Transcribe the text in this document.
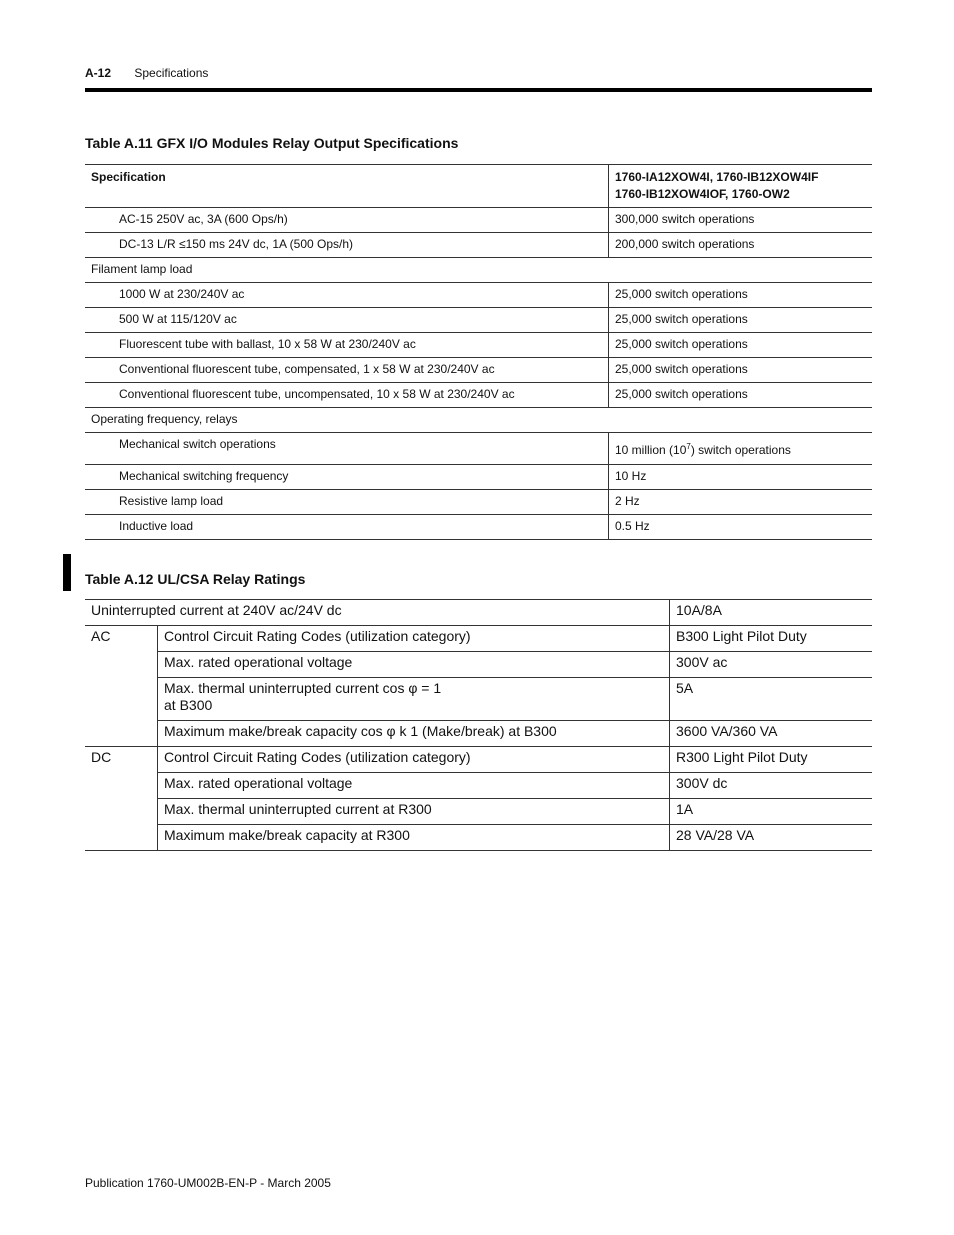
A-12 Specifications
Table A.11 GFX I/O Modules Relay Output Specifications
Specification	1760-IA12XOW4I, 1760-IB12XOW4IF
1760-IB12XOW4IOF, 1760-OW2

AC-15 250V ac, 3A (600 Ops/h)	300,000 switch operations
DC-13 L/R ≤150 ms 24V dc, 1A (500 Ops/h)	200,000 switch operations
Filament lamp load	
1000 W at 230/240V ac	25,000 switch operations
500 W at 115/120V ac	25,000 switch operations
Fluorescent tube with ballast, 10 x 58 W at 230/240V ac	25,000 switch operations
Conventional fluorescent tube, compensated, 1 x 58 W at 230/240V ac	25,000 switch operations
Conventional fluorescent tube, uncompensated, 10 x 58 W at 230/240V ac	25,000 switch operations
Operating frequency, relays	
Mechanical switch operations	10 million $(10^7)$ switch operations
Mechanical switching frequency	10 Hz
Resistive lamp load	2 Hz
Inductive load	0.5 Hz
Table A.12 UL/CSA Relay Ratings
Uninterrupted current at 240V ac/24V dc		10A/8A
AC	Control Circuit Rating Codes (utilization category)	B300 Light Pilot Duty
	Max. rated operational voltage	300V ac

	Max. thermal uninterrupted current cos φ = 1
at B300	5A
	Maximum make/break capacity cos φ k 1 (Make/break) at B300	3600 VA/360 VA
DC	Control Circuit Rating Codes (utilization category)	R300 Light Pilot Duty
	Max. rated operational voltage	300V dc
	Max. thermal uninterrupted current at R300	1A
	Maximum make/break capacity at R300	28 VA/28 VA
Publication 1760-UM002B-EN-P - March 2005
